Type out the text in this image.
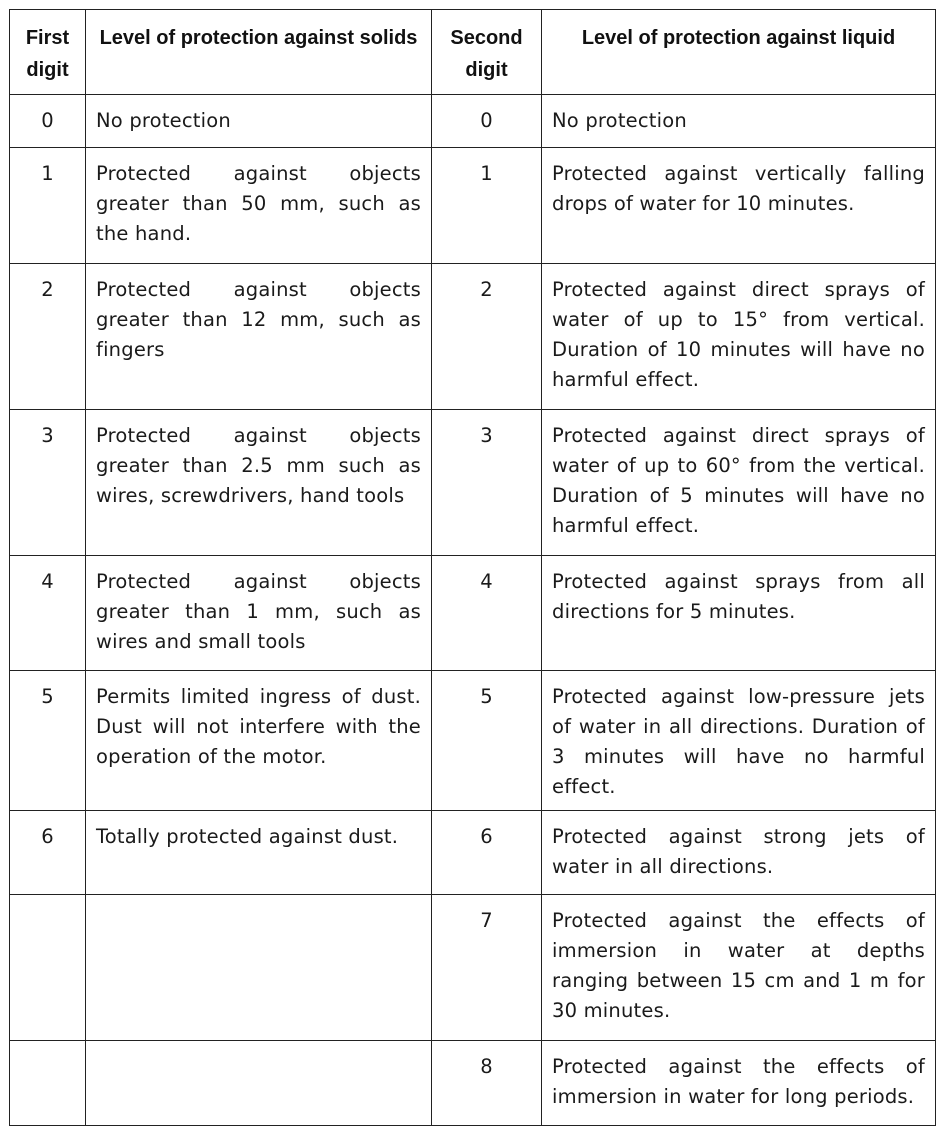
First digit	Level of protection against solids	Second digit	Level of protection against liquid
0	No protection	0	No protection
1	Protected against objects greater than 50 mm, such as the hand.	1	Protected against vertically falling drops of water for 10 minutes.
2	Protected against objects greater than 12 mm, such as fingers	2	Protected against direct sprays of water of up to 15° from vertical. Duration of 10 minutes will have no harmful effect.
3	Protected against objects greater than 2.5 mm such as wires, screwdrivers, hand tools	3	Protected against direct sprays of water of up to 60° from the vertical. Duration of 5 minutes will have no harmful effect.
4	Protected against objects greater than 1 mm, such as wires and small tools	4	Protected against sprays from all directions for 5 minutes.
5	Permits limited ingress of dust. Dust will not interfere with the operation of the motor.	5	Protected against low-pressure jets of water in all directions. Duration of 3 minutes will have no harmful effect.
6	Totally protected against dust.	6	Protected against strong jets of water in all directions.
		7	Protected against the effects of immersion in water at depths ranging between 15 cm and 1 m for 30 minutes.
		8	Protected against the effects of immersion in water for long periods.
